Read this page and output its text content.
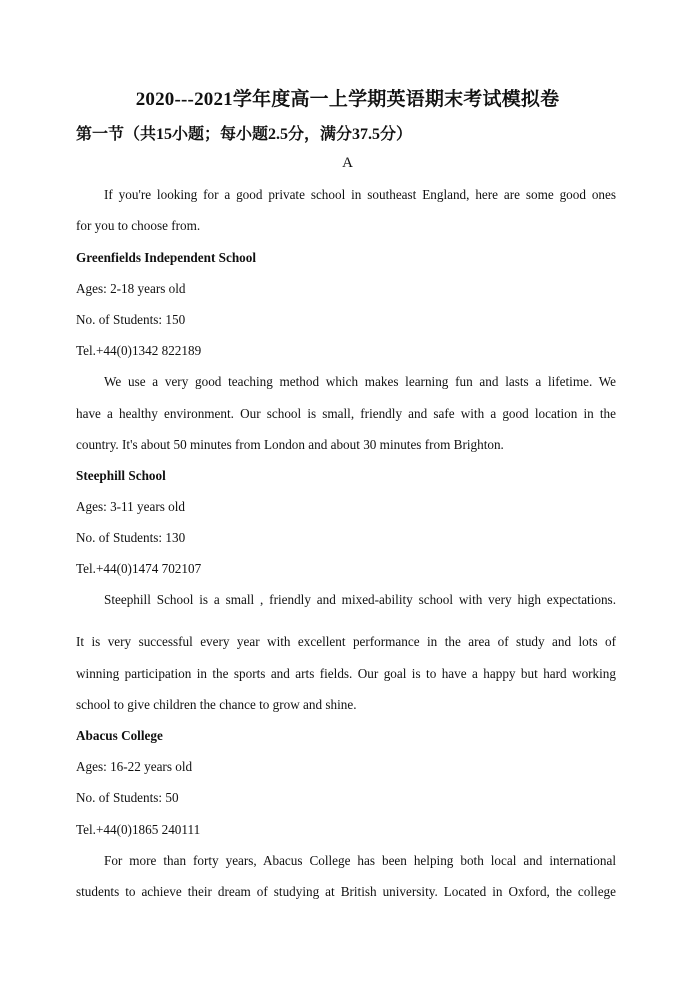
2020---2021学年度高一上学期英语期末考试模拟卷
第一节（共15小题；每小题2.5分，满分37.5分）
A
If you're looking for a good private school in southeast England, here are some good ones
for you to choose from.
Greenfields Independent School
Ages: 2-18 years old
No. of Students: 150
Tel.+44(0)1342 822189
We use a very good teaching method which makes learning fun and lasts a lifetime. We
have a healthy environment. Our school is small, friendly and safe with a good location in the
country. It's about 50 minutes from London and about 30 minutes from Brighton.
Steephill School
Ages: 3-11 years old
No. of Students: 130
Tel.+44(0)1474 702107
Steephill School is a small , friendly and mixed-ability school with very high expectations.
It is very successful every year with excellent performance in the area of study and lots of
winning participation in the sports and arts fields. Our goal is to have a happy but hard working
school to give children the chance to grow and shine.
Abacus College
Ages: 16-22 years old
No. of Students: 50
Tel.+44(0)1865 240111
For more than forty years, Abacus College has been helping both local and international
students to achieve their dream of studying at British university. Located in Oxford, the college
